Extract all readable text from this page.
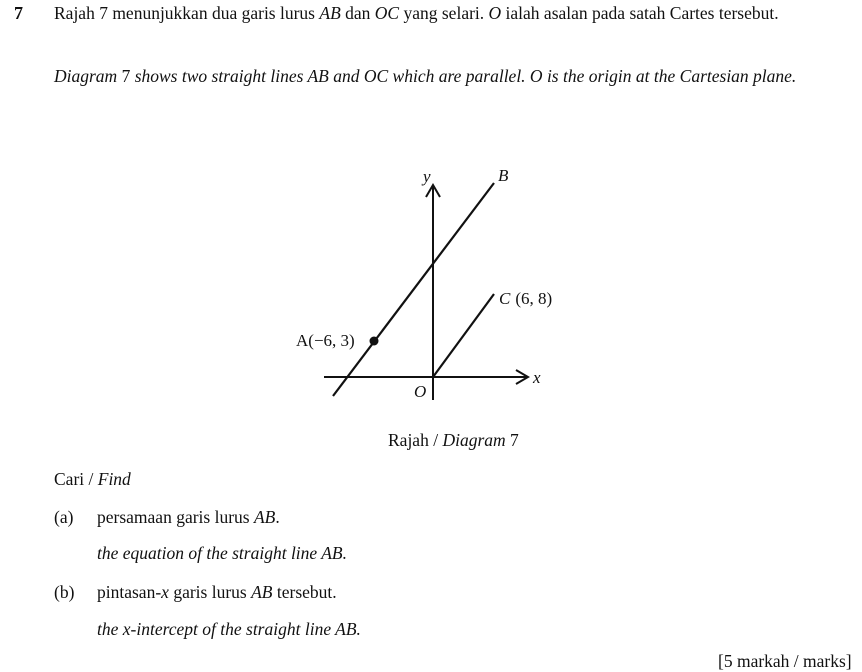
7 Rajah 7 menunjukkan dua garis lurus AB dan OC yang selari. O ialah asalan pada satah Cartes tersebut.

Diagram 7 shows two straight lines AB and OC which are parallel. O is the origin at the Cartesian plane.

y
x
O
B
A(−6, 3)
C (6, 8)
Rajah / Diagram 7
Cari / Find
(a) persamaan garis lurus AB.
the equation of the straight line AB.
(b) pintasan-x garis lurus AB tersebut.
the x-intercept of the straight line AB.
[5 markah / marks]
